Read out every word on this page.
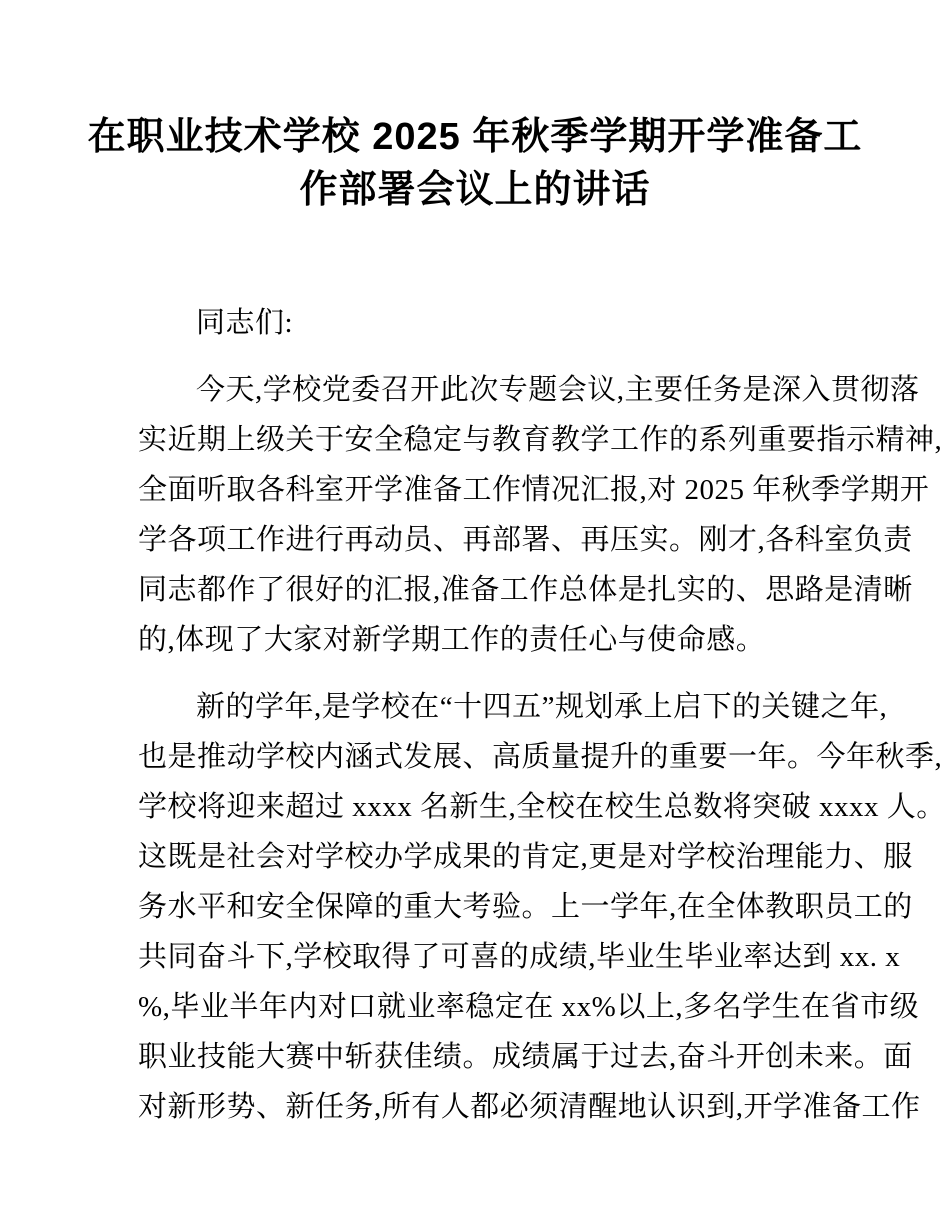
在职业技术学校 2025 年秋季学期开学准备工
作部署会议上的讲话
同志们:
今天,学校党委召开此次专题会议,主要任务是深入贯彻落
实近期上级关于安全稳定与教育教学工作的系列重要指示精神,
全面听取各科室开学准备工作情况汇报,对 2025 年秋季学期开
学各项工作进行再动员、再部署、再压实。刚才,各科室负责
同志都作了很好的汇报,准备工作总体是扎实的、思路是清晰
的,体现了大家对新学期工作的责任心与使命感。
新的学年,是学校在“十四五”规划承上启下的关键之年,
也是推动学校内涵式发展、高质量提升的重要一年。今年秋季,
学校将迎来超过 xxxx 名新生,全校在校生总数将突破 xxxx 人。
这既是社会对学校办学成果的肯定,更是对学校治理能力、服
务水平和安全保障的重大考验。上一学年,在全体教职员工的
共同奋斗下,学校取得了可喜的成绩,毕业生毕业率达到 xx. x
%,毕业半年内对口就业率稳定在 xx%以上,多名学生在省市级
职业技能大赛中斩获佳绩。成绩属于过去,奋斗开创未来。面
对新形势、新任务,所有人都必须清醒地认识到,开学准备工作
